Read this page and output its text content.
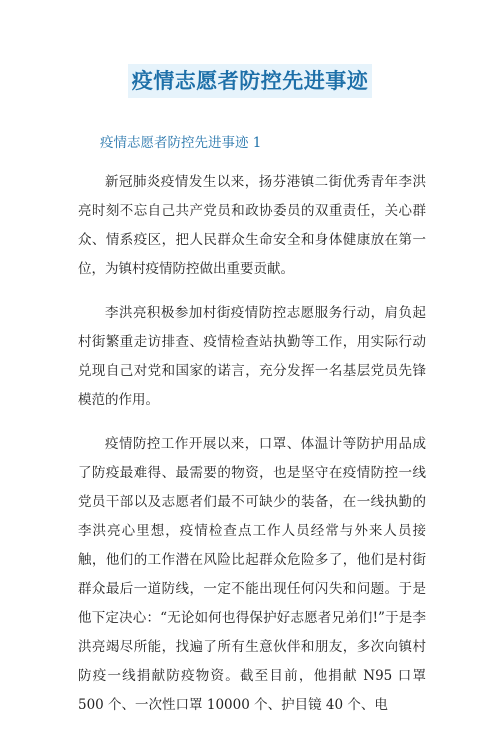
疫情志愿者防控先进事迹
疫情志愿者防控先进事迹 1

新冠肺炎疫情发生以来，扬芬港镇二街优秀青年李洪亮时刻不忘自己共产党员和政协委员的双重责任，关心群众、情系疫区，把人民群众生命安全和身体健康放在第一位，为镇村疫情防控做出重要贡献。

李洪亮积极参加村街疫情防控志愿服务行动，肩负起村街繁重走访排查、疫情检查站执勤等工作，用实际行动兑现自己对党和国家的诺言，充分发挥一名基层党员先锋模范的作用。

疫情防控工作开展以来，口罩、体温计等防护用品成了防疫最难得、最需要的物资，也是坚守在疫情防控一线党员干部以及志愿者们最不可缺少的装备，在一线执勤的李洪亮心里想，疫情检查点工作人员经常与外来人员接触，他们的工作潜在风险比起群众危险多了，他们是村街群众最后一道防线，一定不能出现任何闪失和问题。于是他下定决心：“无论如何也得保护好志愿者兄弟们!”于是李洪亮竭尽所能，找遍了所有生意伙伴和朋友，多次向镇村防疫一线捐献防疫物资。截至目前，他捐献 N95 口罩 500 个、一次性口罩 10000 个、护目镜 40 个、电
